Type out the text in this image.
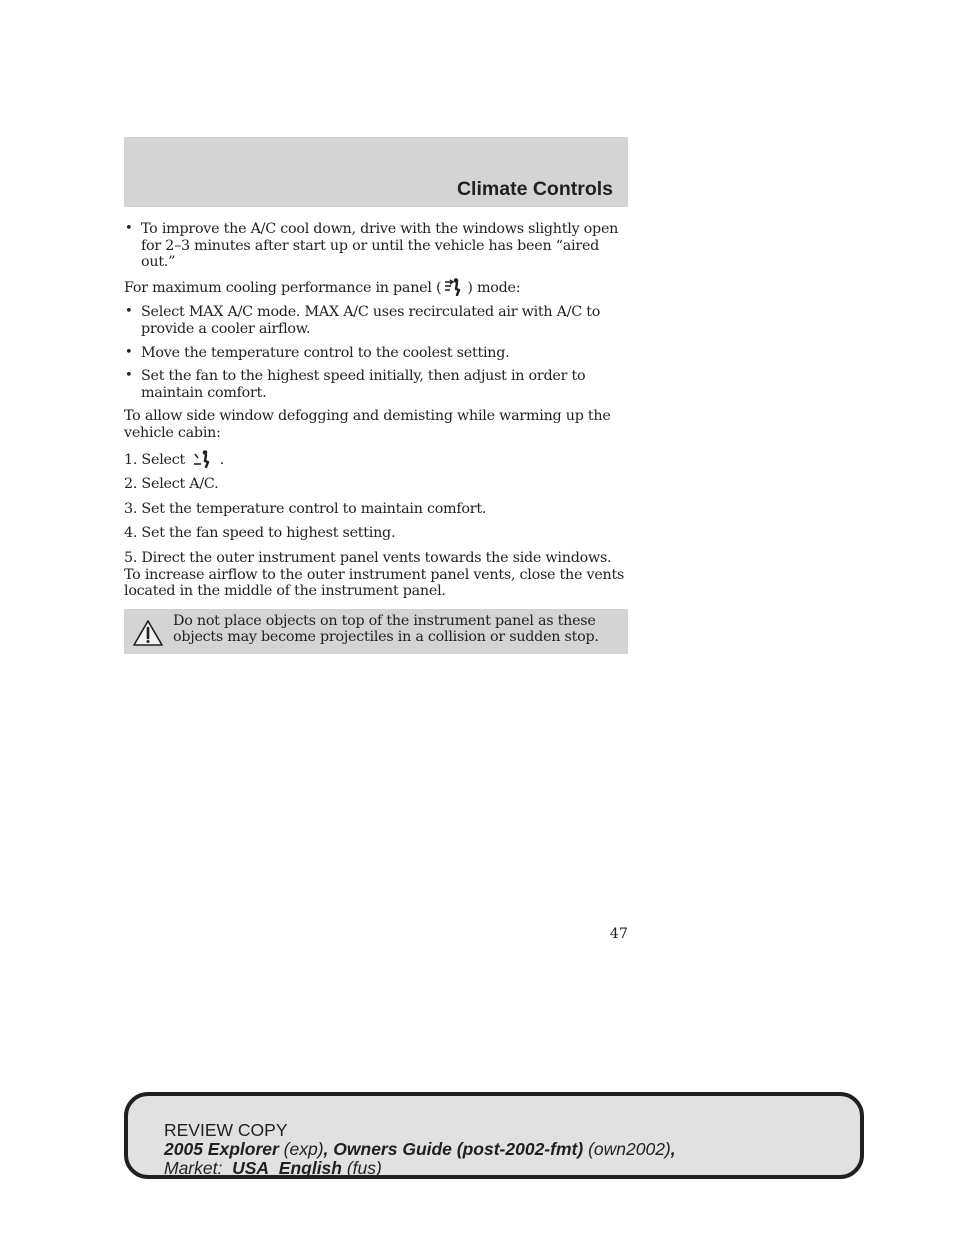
Climate Controls
• To improve the A/C cool down, drive with the windows slightly open for 2–3 minutes after start up or until the vehicle has been “aired out.”

For maximum cooling performance in panel ( ) mode:

• Select MAX A/C mode. MAX A/C uses recirculated air with A/C to provide a cooler airflow.
• Move the temperature control to the coolest setting.
• Set the fan to the highest speed initially, then adjust in order to maintain comfort.

To allow side window defogging and demisting while warming up the vehicle cabin:

1. Select .
2. Select A/C.
3. Set the temperature control to maintain comfort.
4. Set the fan speed to highest setting.
5. Direct the outer instrument panel vents towards the side windows. To increase airflow to the outer instrument panel vents, close the vents located in the middle of the instrument panel.

Do not place objects on top of the instrument panel as these objects may become projectiles in a collision or sudden stop.

47
REVIEW COPY
2005 Explorer (exp), Owners Guide (post-2002-fmt) (own2002),
Market: USA_English (fus)
